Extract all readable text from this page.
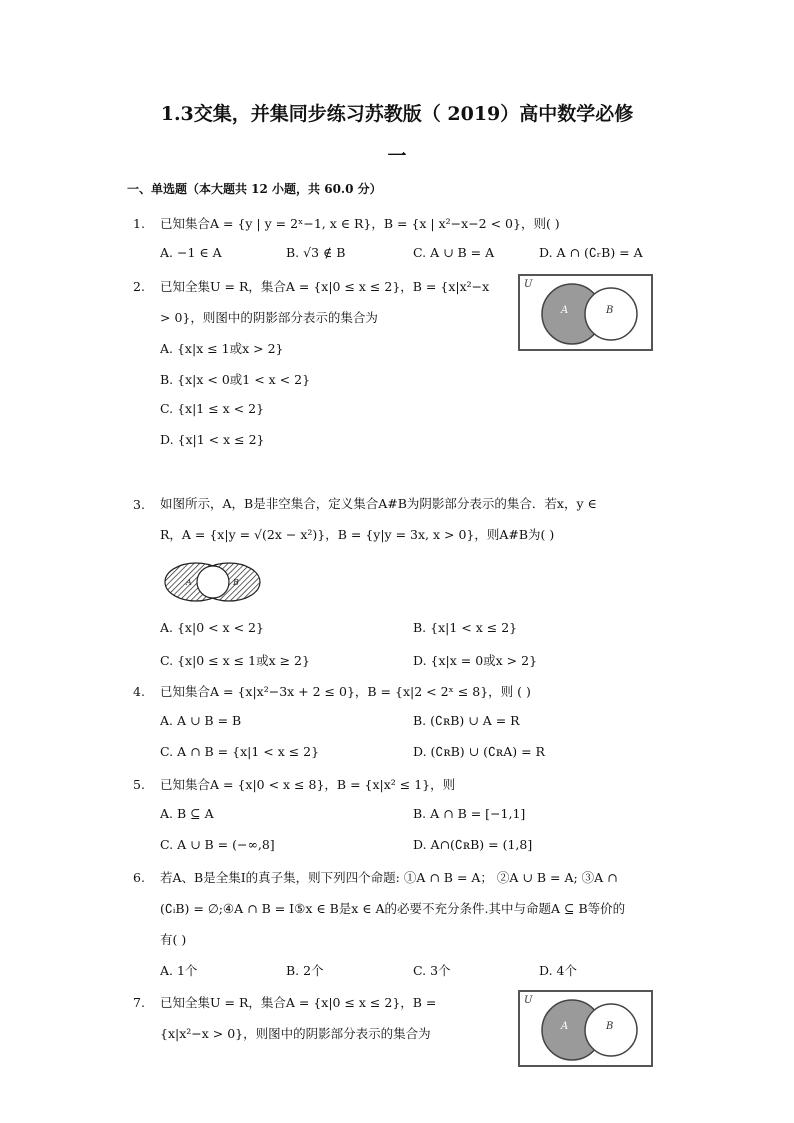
1.3交集，并集同步练习苏教版（ 2019）高中数学必修
一
一、单选题（本大题共 12 小题，共 60.0 分）
1. 已知集合A = {y | y = 2ˣ−1, x ∈ R}，B = {x | x²−x−2 < 0}，则( )
A. −1 ∈ A	B. √3 ∉ B	C. A ∪ B = A	D. A ∩ (∁ᵣB) = A
2. 已知全集U = R，集合A = {x|0 ≤ x ≤ 2}，B = {x|x²−x
> 0}，则图中的阴影部分表示的集合为
A. {x|x ≤ 1或x > 2}
B. {x|x < 0或1 < x < 2}
C. {x|1 ≤ x < 2}
D. {x|1 < x ≤ 2}
U
A	B
3. 如图所示，A，B是非空集合，定义集合A#B为阴影部分表示的集合．若x，y ∈
R，A = {x|y = √(2x − x²)}，B = {y|y = 3x, x > 0}，则A#B为( )
A	B
A. {x|0 < x < 2}	B. {x|1 < x ≤ 2}
C. {x|0 ≤ x ≤ 1或x ≥ 2}	D. {x|x = 0或x > 2}
4. 已知集合A = {x|x²−3x + 2 ≤ 0}，B = {x|2 < 2ˣ ≤ 8}，则 ( )
A. A ∪ B = B	B. (∁ʀB) ∪ A = R
C. A ∩ B = {x|1 < x ≤ 2}	D. (∁ʀB) ∪ (∁ʀA) = R
5. 已知集合A = {x|0 < x ≤ 8}，B = {x|x² ≤ 1}，则
A. B ⊆ A	B. A ∩ B = [−1,1]
C. A ∪ B = (−∞,8]	D. A∩(∁ʀB) = (1,8]
6. 若A、B是全集I的真子集，则下列四个命题: ①A ∩ B = A； ②A ∪ B = A; ③A ∩
(∁ᵢB) = ∅;④A ∩ B = I⑤x ∈ B是x ∈ A的必要不充分条件.其中与命题A ⊆ B等价的
有( )
A. 1个	B. 2个	C. 3个	D. 4个
7. 已知全集U = R，集合A = {x|0 ≤ x ≤ 2}，B =
{x|x²−x > 0}，则图中的阴影部分表示的集合为
U
A	B
